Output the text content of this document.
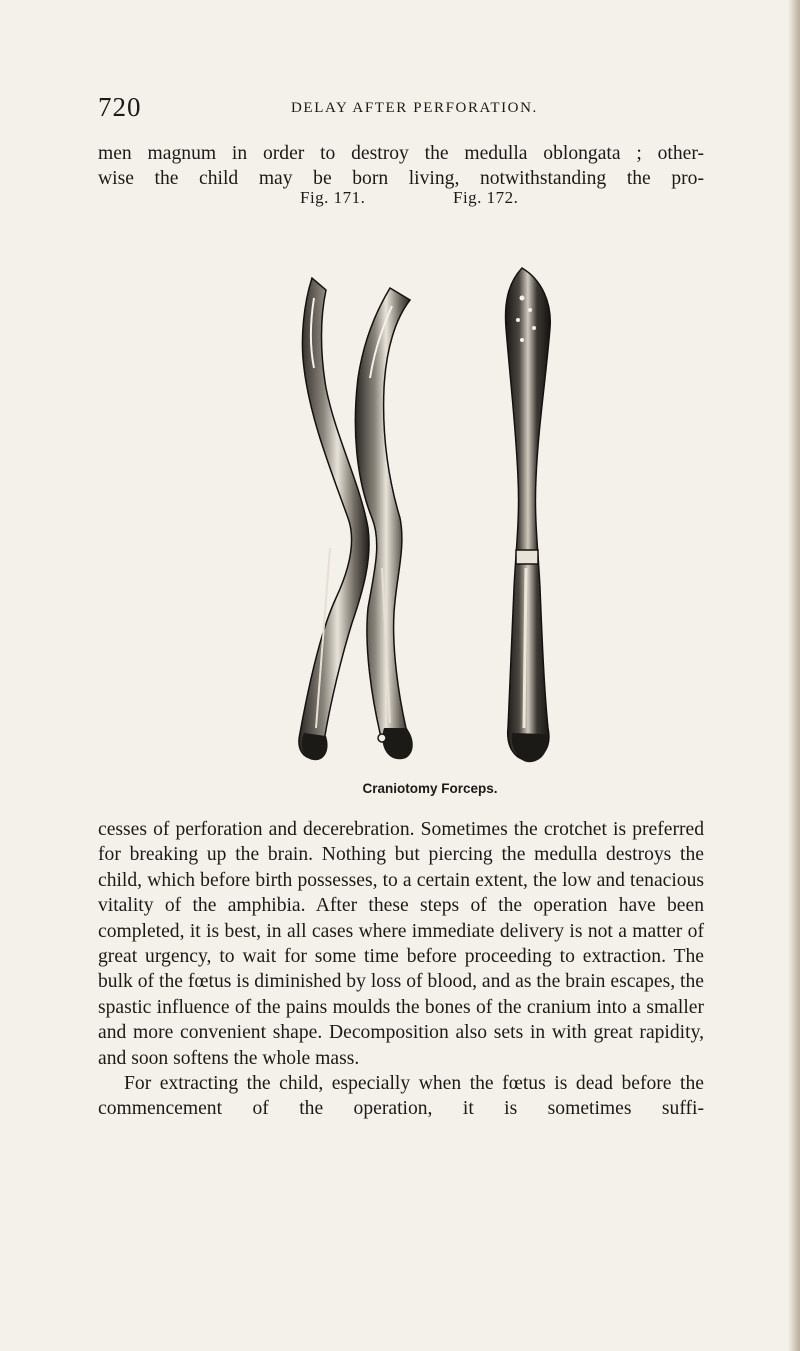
720	DELAY AFTER PERFORATION.

men magnum in order to destroy the medulla oblongata ; other-

wise the child may be born living, notwithstanding the pro-

Fig. 171.	Fig. 172.
Craniotomy Forceps.

cesses of perforation and decerebration. Sometimes the crotchet is preferred for breaking up the brain. Nothing but piercing the medulla destroys the child, which before birth possesses, to a certain extent, the low and tenacious vitality of the amphibia. After these steps of the operation have been completed, it is best, in all cases where immediate delivery is not a matter of great urgency, to wait for some time before proceeding to extraction. The bulk of the fœtus is diminished by loss of blood, and as the brain escapes, the spastic influence of the pains moulds the bones of the cranium into a smaller and more convenient shape. Decomposition also sets in with great rapidity, and soon softens the whole mass.

For extracting the child, especially when the fœtus is dead before the commencement of the operation, it is sometimes suffi-
